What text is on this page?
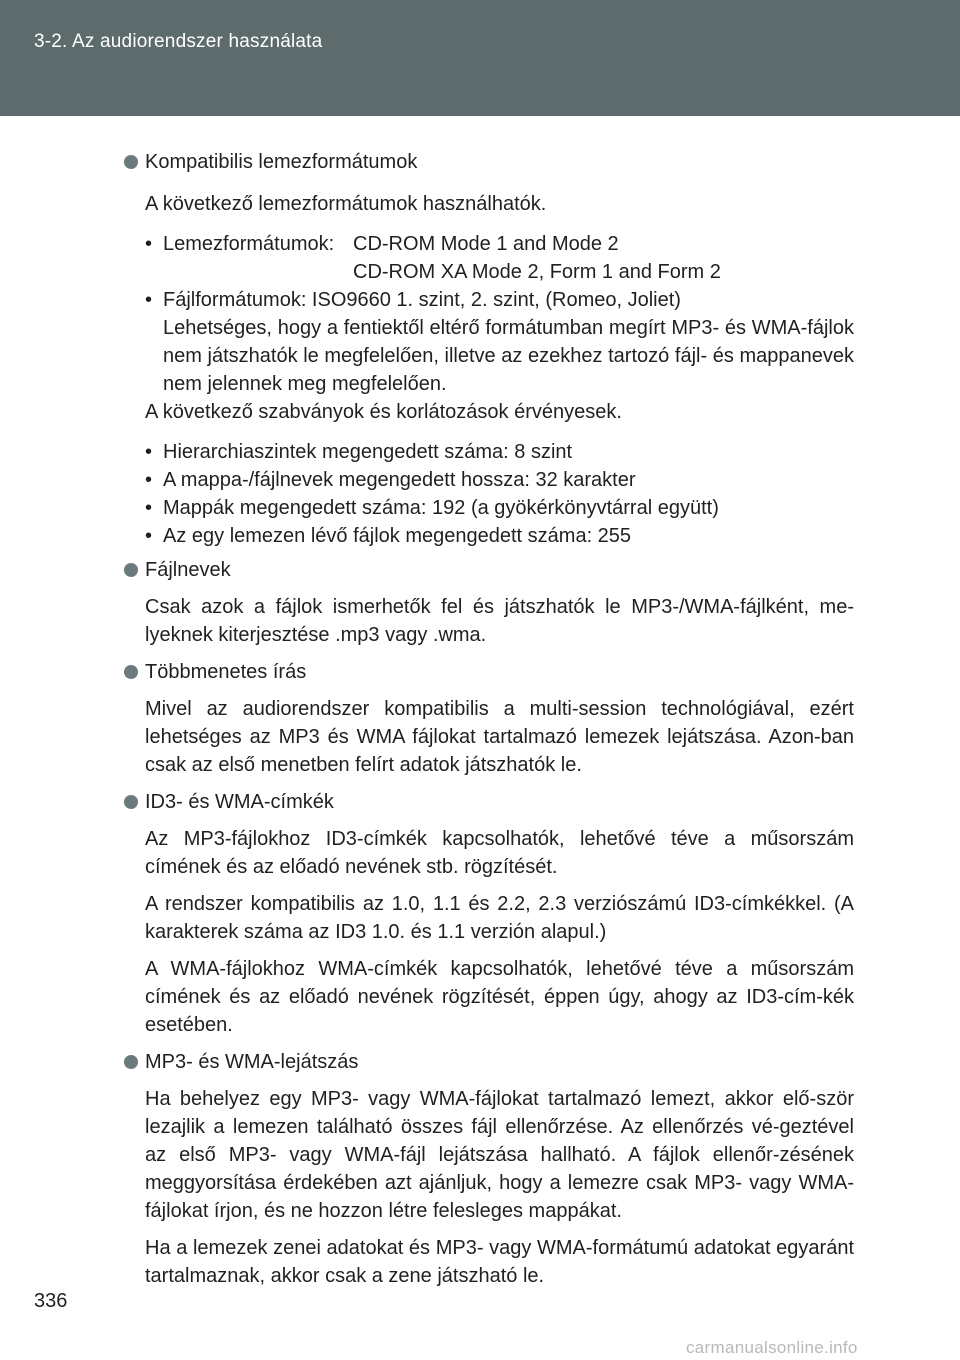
3-2. Az audiorendszer használata
Kompatibilis lemezformátumok
A következő lemezformátumok használhatók.
• Lemezformátumok: CD-ROM Mode 1 and Mode 2
CD-ROM XA Mode 2, Form 1 and Form 2
• Fájlformátumok: ISO9660 1. szint, 2. szint, (Romeo, Joliet)
Lehetséges, hogy a fentiektől eltérő formátumban megírt MP3- és WMA-fájlok nem játszhatók le megfelelően, illetve az ezekhez tartozó fájl- és mappanevek nem jelennek meg megfelelően.
A következő szabványok és korlátozások érvényesek.
• Hierarchiaszintek megengedett száma: 8 szint
• A mappa-/fájlnevek megengedett hossza: 32 karakter
• Mappák megengedett száma: 192 (a gyökérkönyvtárral együtt)
• Az egy lemezen lévő fájlok megengedett száma: 255
Fájlnevek
Csak azok a fájlok ismerhetők fel és játszhatók le MP3-/WMA-fájlként, me-lyeknek kiterjesztése .mp3 vagy .wma.
Többmenetes írás
Mivel az audiorendszer kompatibilis a multi-session technológiával, ezért lehetséges az MP3 és WMA fájlokat tartalmazó lemezek lejátszása. Azon-ban csak az első menetben felírt adatok játszhatók le.
ID3- és WMA-címkék
Az MP3-fájlokhoz ID3-címkék kapcsolhatók, lehetővé téve a műsorszám címének és az előadó nevének stb. rögzítését.
A rendszer kompatibilis az 1.0, 1.1 és 2.2, 2.3 verziószámú ID3-címkékkel. (A karakterek száma az ID3 1.0. és 1.1 verzión alapul.)
A WMA-fájlokhoz WMA-címkék kapcsolhatók, lehetővé téve a műsorszám címének és az előadó nevének rögzítését, éppen úgy, ahogy az ID3-cím-kék esetében.
MP3- és WMA-lejátszás
Ha behelyez egy MP3- vagy WMA-fájlokat tartalmazó lemezt, akkor elő-ször lezajlik a lemezen található összes fájl ellenőrzése. Az ellenőrzés vé-geztével az első MP3- vagy WMA-fájl lejátszása hallható. A fájlok ellenőr-zésének meggyorsítása érdekében azt ajánljuk, hogy a lemezre csak MP3- vagy WMA-fájlokat írjon, és ne hozzon létre felesleges mappákat.
Ha a lemezek zenei adatokat és MP3- vagy WMA-formátumú adatokat egyaránt tartalmaznak, akkor csak a zene játszható le.
336
carmanualsonline.info
